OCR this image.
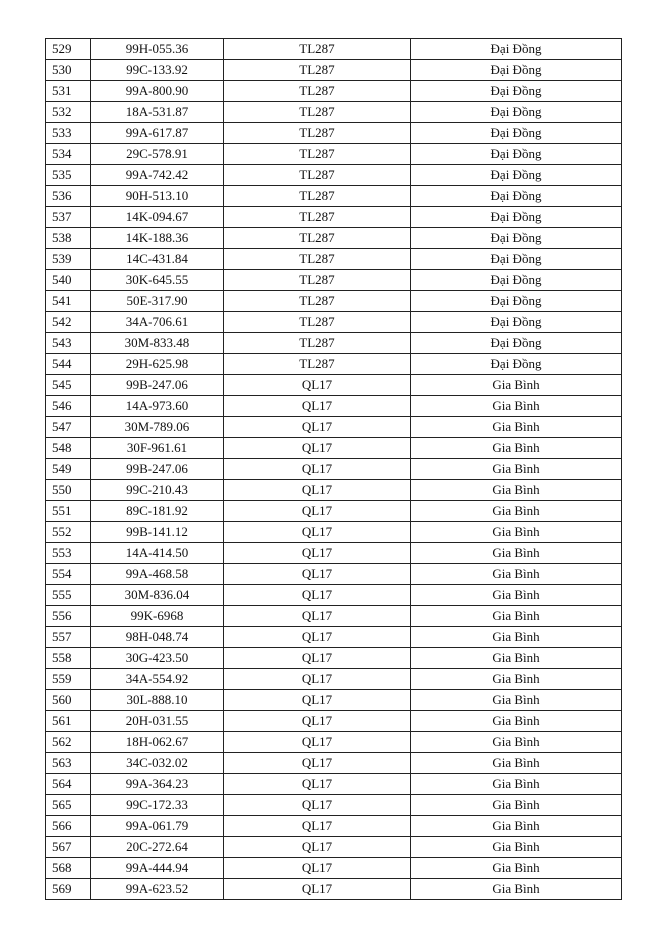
529	99H-055.36	TL287	Đại Đồng
530	99C-133.92	TL287	Đại Đồng
531	99A-800.90	TL287	Đại Đồng
532	18A-531.87	TL287	Đại Đồng
533	99A-617.87	TL287	Đại Đồng
534	29C-578.91	TL287	Đại Đồng
535	99A-742.42	TL287	Đại Đồng
536	90H-513.10	TL287	Đại Đồng
537	14K-094.67	TL287	Đại Đồng
538	14K-188.36	TL287	Đại Đồng
539	14C-431.84	TL287	Đại Đồng
540	30K-645.55	TL287	Đại Đồng
541	50E-317.90	TL287	Đại Đồng
542	34A-706.61	TL287	Đại Đồng
543	30M-833.48	TL287	Đại Đồng
544	29H-625.98	TL287	Đại Đồng
545	99B-247.06	QL17	Gia Bình
546	14A-973.60	QL17	Gia Bình
547	30M-789.06	QL17	Gia Bình
548	30F-961.61	QL17	Gia Bình
549	99B-247.06	QL17	Gia Bình
550	99C-210.43	QL17	Gia Bình
551	89C-181.92	QL17	Gia Bình
552	99B-141.12	QL17	Gia Bình
553	14A-414.50	QL17	Gia Bình
554	99A-468.58	QL17	Gia Bình
555	30M-836.04	QL17	Gia Bình
556	99K-6968	QL17	Gia Bình
557	98H-048.74	QL17	Gia Bình
558	30G-423.50	QL17	Gia Bình
559	34A-554.92	QL17	Gia Bình
560	30L-888.10	QL17	Gia Bình
561	20H-031.55	QL17	Gia Bình
562	18H-062.67	QL17	Gia Bình
563	34C-032.02	QL17	Gia Bình
564	99A-364.23	QL17	Gia Bình
565	99C-172.33	QL17	Gia Bình
566	99A-061.79	QL17	Gia Bình
567	20C-272.64	QL17	Gia Bình
568	99A-444.94	QL17	Gia Bình
569	99A-623.52	QL17	Gia Bình
